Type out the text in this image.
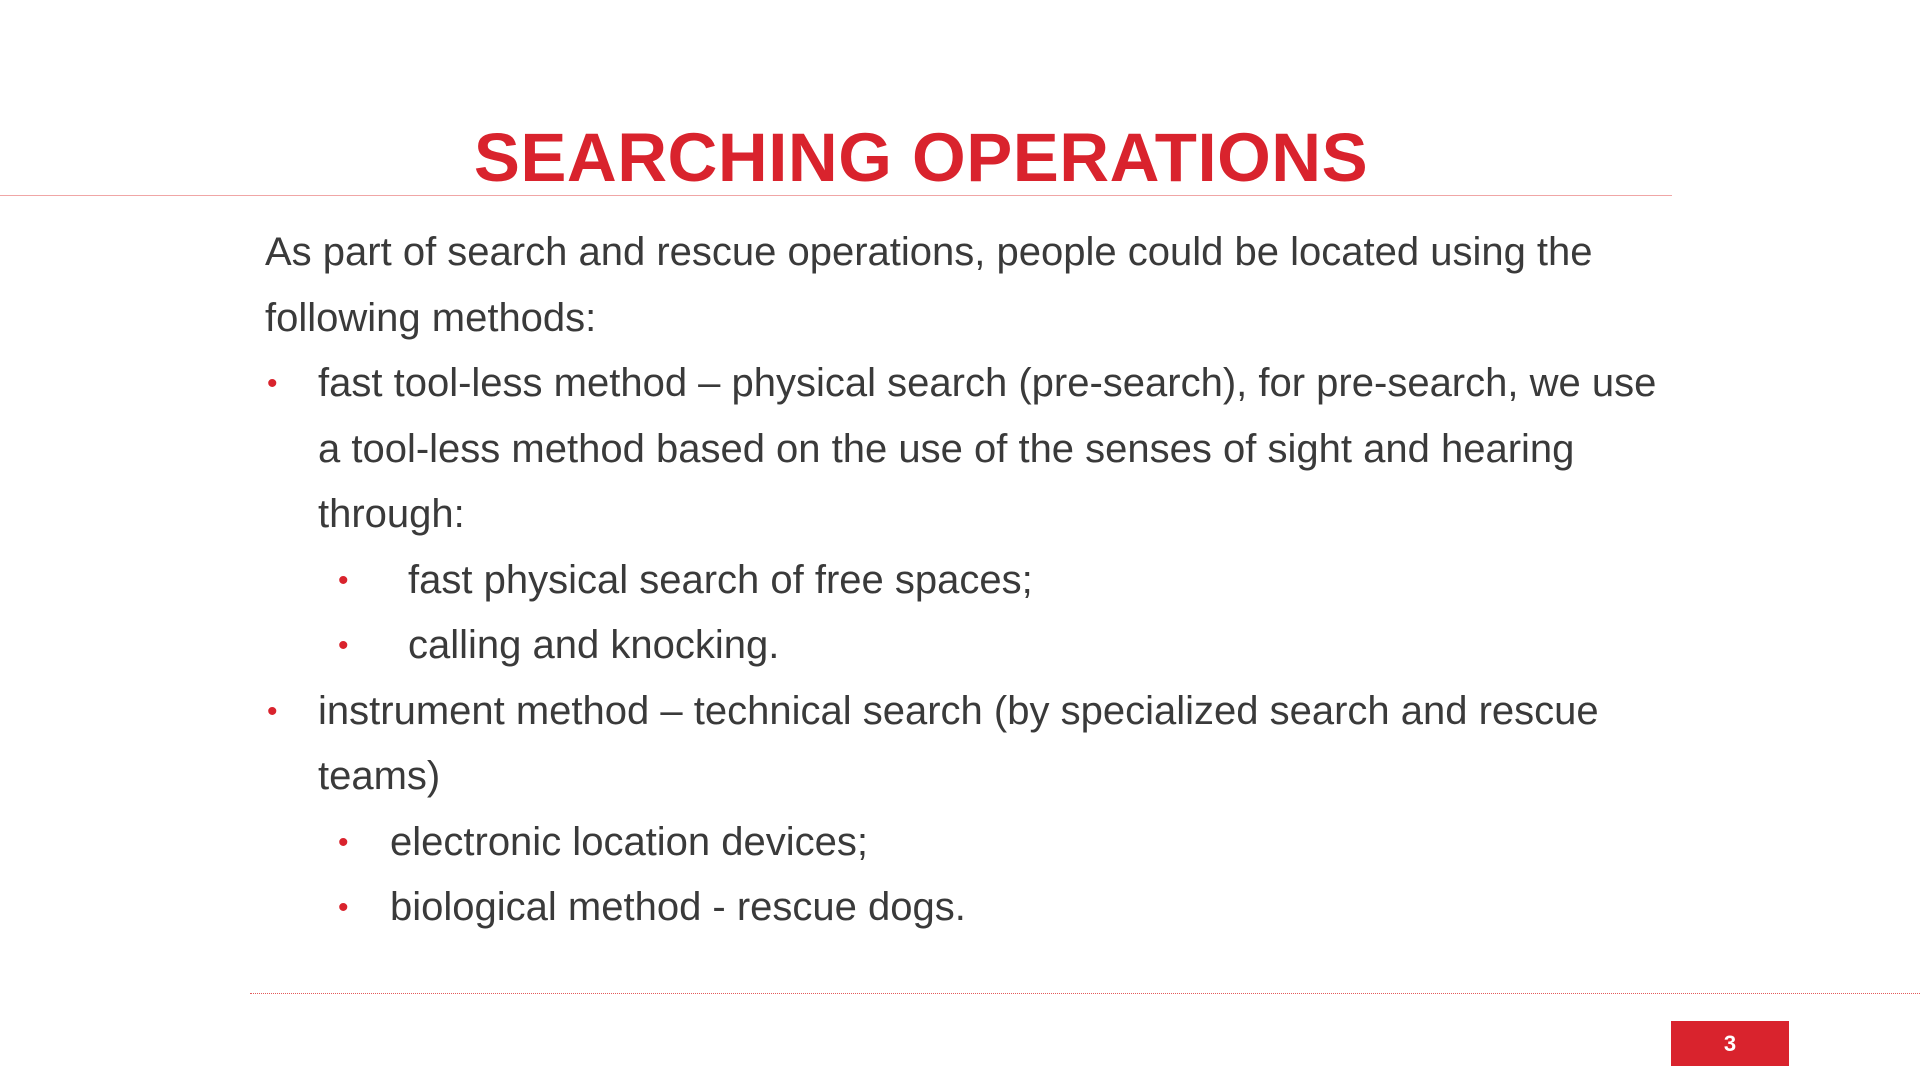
SEARCHING OPERATIONS

As part of search and rescue operations, people could be located using the following methods:

• fast tool-less method – physical search (pre-search), for pre-search, we use a tool-less method based on the use of the senses of sight and hearing through:
• fast physical search of free spaces;
• calling and knocking.
• instrument method – technical search (by specialized search and rescue teams)
• electronic location devices;
• biological method - rescue dogs.
3
